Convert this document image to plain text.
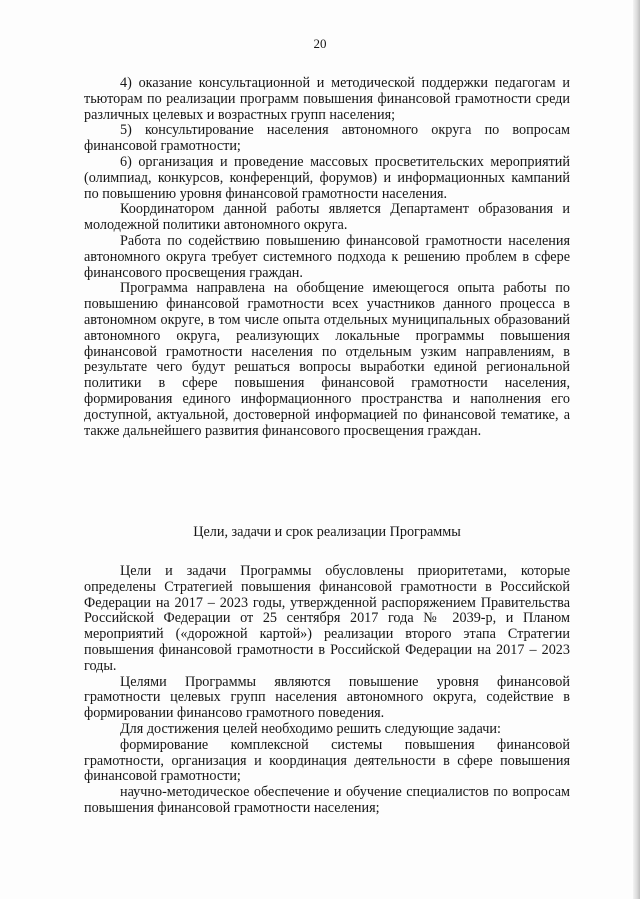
20

4) оказание консультационной и методической поддержки педагогам и тьюторам по реализации программ повышения финансовой грамотности среди различных целевых и возрастных групп населения;

5) консультирование населения автономного округа по вопросам финансовой грамотности;

6) организация и проведение массовых просветительских мероприятий (олимпиад, конкурсов, конференций, форумов) и информационных кампаний по повышению уровня финансовой грамотности населения.

Координатором данной работы является Департамент образования и молодежной политики автономного округа.

Работа по содействию повышению финансовой грамотности населения автономного округа требует системного подхода к решению проблем в сфере финансового просвещения граждан.

Программа направлена на обобщение имеющегося опыта работы по повышению финансовой грамотности всех участников данного процесса в автономном округе, в том числе опыта отдельных муниципальных образований автономного округа, реализующих локальные программы повышения финансовой грамотности населения по отдельным узким направлениям, в результате чего будут решаться вопросы выработки единой региональной политики в сфере повышения финансовой грамотности населения, формирования единого информационного пространства и наполнения его доступной, актуальной, достоверной информацией по финансовой тематике, а также дальнейшего развития финансового просвещения граждан.

Цели, задачи и срок реализации Программы

Цели и задачи Программы обусловлены приоритетами, которые определены Стратегией повышения финансовой грамотности в Российской Федерации на 2017 – 2023 годы, утвержденной распоряжением Правительства Российской Федерации от 25 сентября 2017 года № 2039-р, и Планом мероприятий («дорожной картой») реализации второго этапа Стратегии повышения финансовой грамотности в Российской Федерации на 2017 – 2023 годы.

Целями Программы являются повышение уровня финансовой грамотности целевых групп населения автономного округа, содействие в формировании финансово грамотного поведения.

Для достижения целей необходимо решить следующие задачи:

формирование комплексной системы повышения финансовой грамотности, организация и координация деятельности в сфере повышения финансовой грамотности;

научно-методическое обеспечение и обучение специалистов по вопросам повышения финансовой грамотности населения;
